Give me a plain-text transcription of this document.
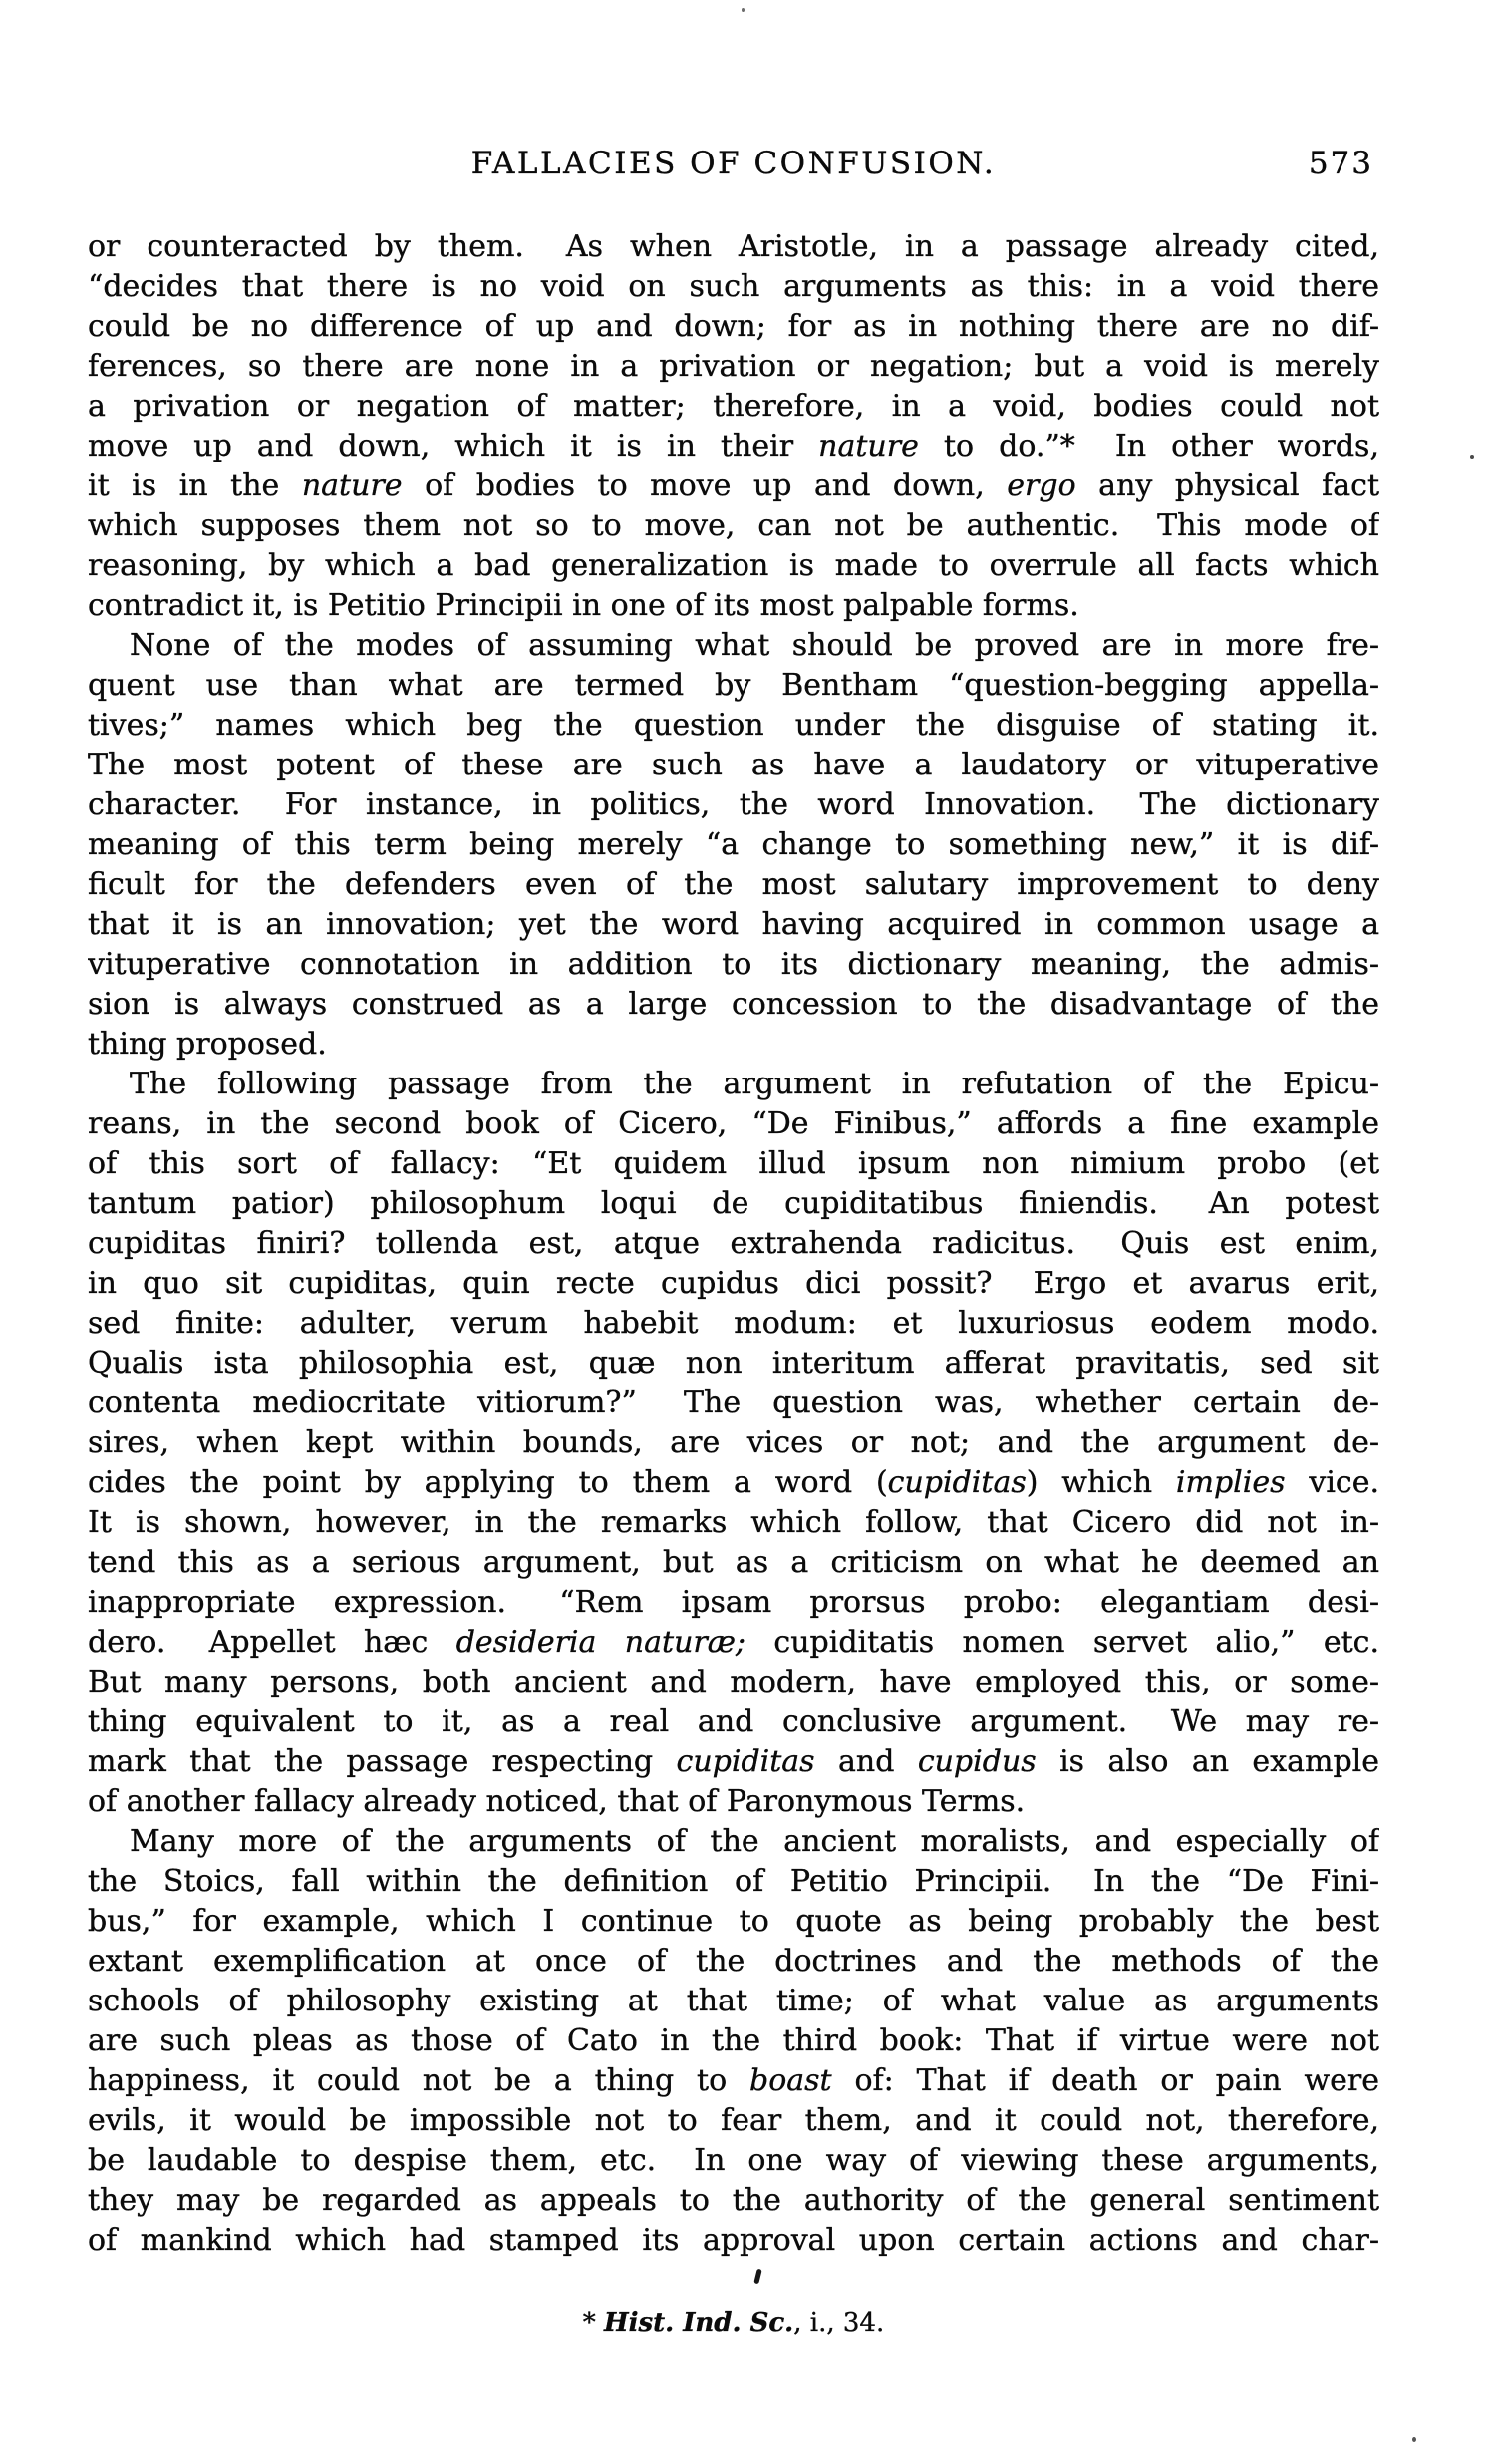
FALLACIES OF CONFUSION.	573
or counteracted by them.  As when Aristotle, in a passage already cited,
“decides that there is no void on such arguments as this: in a void there
could be no difference of up and down; for as in nothing there are no dif-
ferences, so there are none in a privation or negation; but a void is merely
a privation or negation of matter; therefore, in a void, bodies could not
move up and down, which it is in their nature to do.”*  In other words,
it is in the nature of bodies to move up and down, ergo any physical fact
which supposes them not so to move, can not be authentic.  This mode of
reasoning, by which a bad generalization is made to overrule all facts which
contradict it, is Petitio Principii in one of its most palpable forms.
None of the modes of assuming what should be proved are in more fre-
quent use than what are termed by Bentham “question-begging appella-
tives;” names which beg the question under the disguise of stating it.
The most potent of these are such as have a laudatory or vituperative
character.  For instance, in politics, the word Innovation.  The dictionary
meaning of this term being merely “a change to something new,” it is dif-
ficult for the defenders even of the most salutary improvement to deny
that it is an innovation; yet the word having acquired in common usage a
vituperative connotation in addition to its dictionary meaning, the admis-
sion is always construed as a large concession to the disadvantage of the
thing proposed.
The following passage from the argument in refutation of the Epicu-
reans, in the second book of Cicero, “De Finibus,” affords a fine example
of this sort of fallacy: “Et quidem illud ipsum non nimium probo (et
tantum patior) philosophum loqui de cupiditatibus finiendis.  An potest
cupiditas finiri? tollenda est, atque extrahenda radicitus.  Quis est enim,
in quo sit cupiditas, quin recte cupidus dici possit?  Ergo et avarus erit,
sed finite: adulter, verum habebit modum: et luxuriosus eodem modo.
Qualis ista philosophia est, quæ non interitum afferat pravitatis, sed sit
contenta mediocritate vitiorum?”  The question was, whether certain de-
sires, when kept within bounds, are vices or not; and the argument de-
cides the point by applying to them a word (cupiditas) which implies vice.
It is shown, however, in the remarks which follow, that Cicero did not in-
tend this as a serious argument, but as a criticism on what he deemed an
inappropriate expression.  “Rem ipsam prorsus probo: elegantiam desi-
dero.  Appellet hæc desideria naturæ; cupiditatis nomen servet alio,” etc.
But many persons, both ancient and modern, have employed this, or some-
thing equivalent to it, as a real and conclusive argument.  We may re-
mark that the passage respecting cupiditas and cupidus is also an example
of another fallacy already noticed, that of Paronymous Terms.
Many more of the arguments of the ancient moralists, and especially of
the Stoics, fall within the definition of Petitio Principii.  In the “De Fini-
bus,” for example, which I continue to quote as being probably the best
extant exemplification at once of the doctrines and the methods of the
schools of philosophy existing at that time; of what value as arguments
are such pleas as those of Cato in the third book: That if virtue were not
happiness, it could not be a thing to boast of: That if death or pain were
evils, it would be impossible not to fear them, and it could not, therefore,
be laudable to despise them, etc.  In one way of viewing these arguments,
they may be regarded as appeals to the authority of the general sentiment
of mankind which had stamped its approval upon certain actions and char-
* Hist. Ind. Sc., i., 34.
